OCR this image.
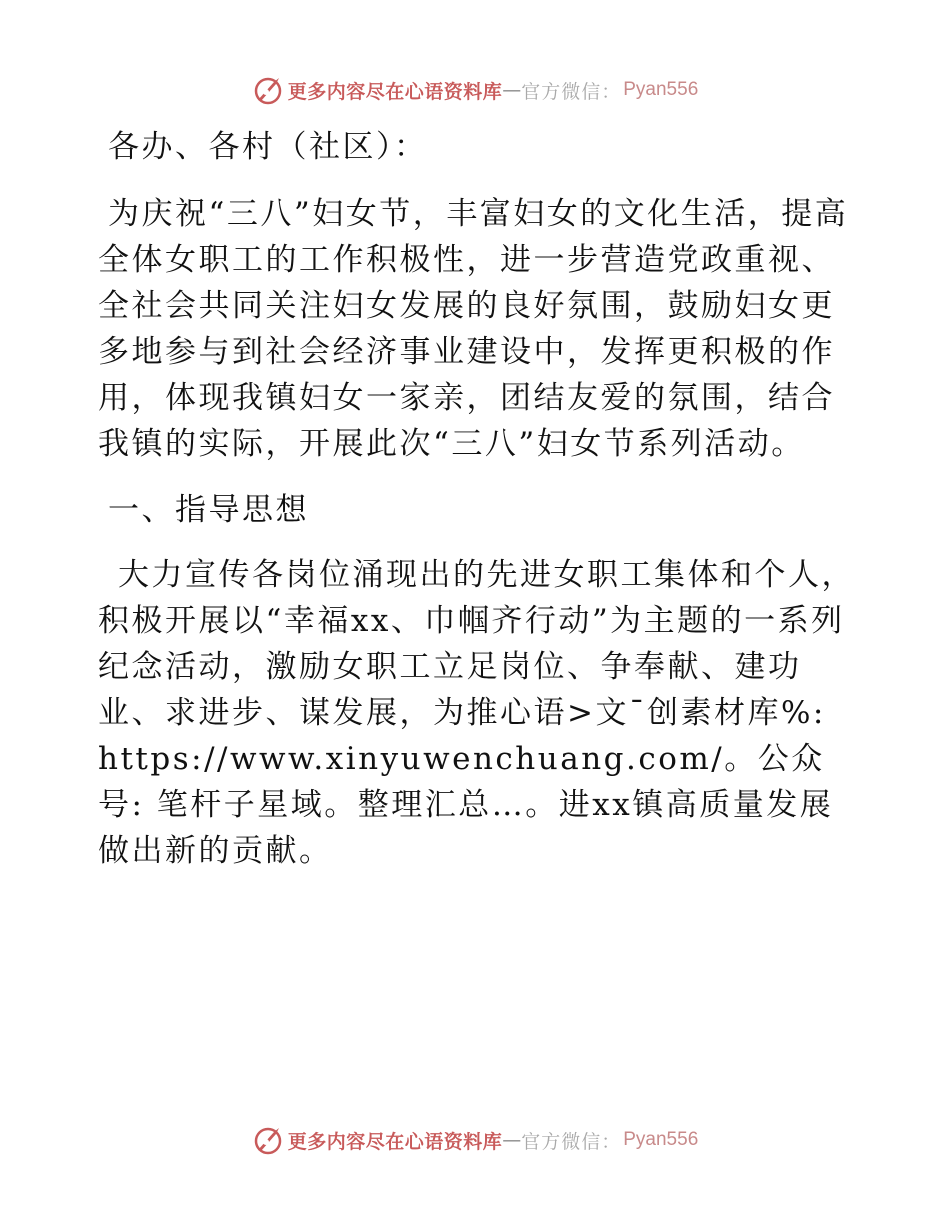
更多内容尽在心语资料库 — 官方微信： Pyan556

各办、各村（社区）：

为庆祝“三八”妇女节，丰富妇女的文化生活，提高全体女职工的工作积极性，进一步营造党政重视、全社会共同关注妇女发展的良好氛围，鼓励妇女更多地参与到社会经济事业建设中，发挥更积极的作用，体现我镇妇女一家亲，团结友爱的氛围，结合我镇的实际，开展此次“三八”妇女节系列活动。

一、指导思想

大力宣传各岗位涌现出的先进女职工集体和个人，积极开展以“幸福xx、巾帼齐行动”为主题的一系列纪念活动，激励女职工立足岗位、争奉献、建功业、求进步、谋发展，为推心语>文¯创素材库%: https://www.xinyuwenchuang.com/。公众号: 笔杆子星域。整理汇总…。进xx镇高质量发展做出新的贡献。

更多内容尽在心语资料库 — 官方微信： Pyan556
